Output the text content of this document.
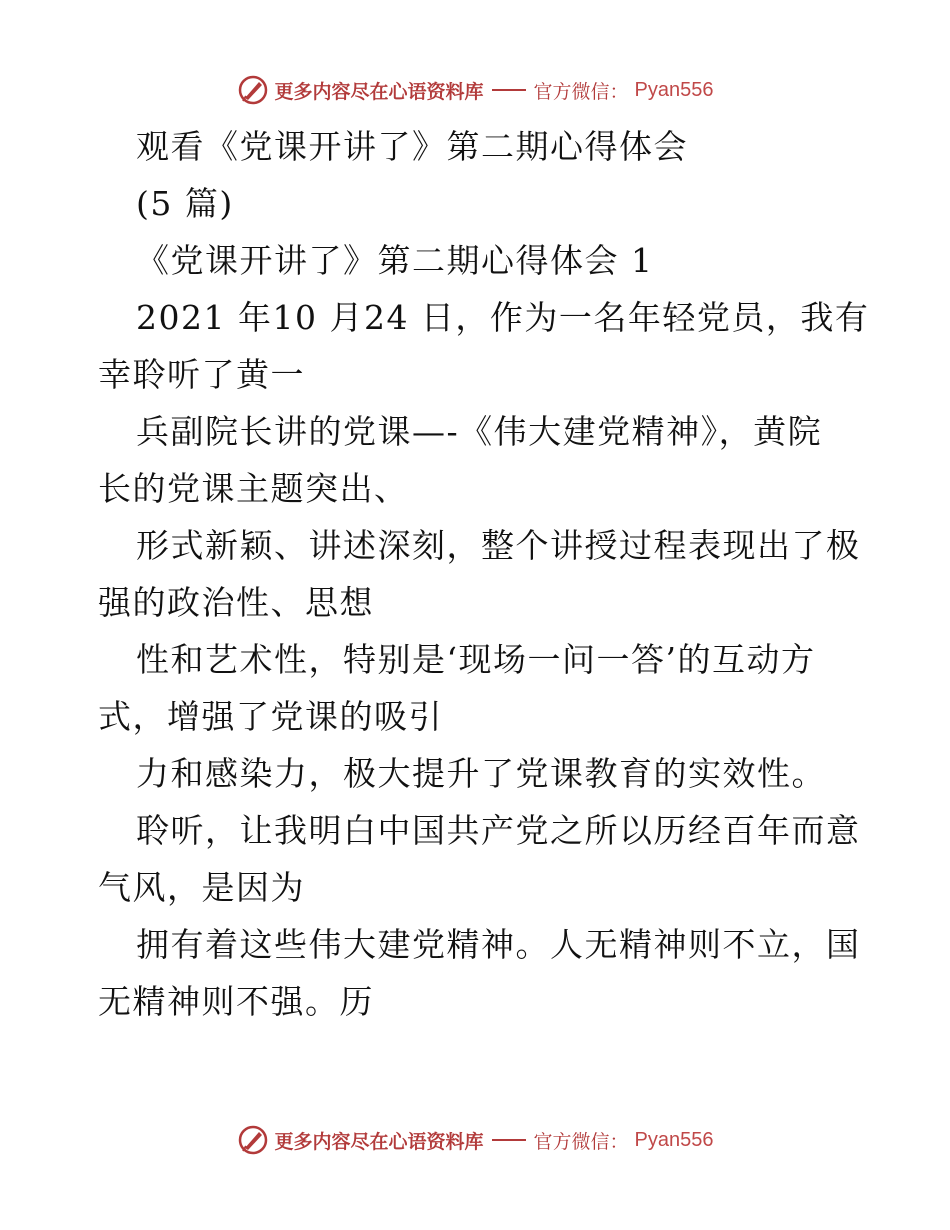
更多内容尽在心语资料库	官方微信： Pyan556
观看《党课开讲了》第二期心得体会
(5 篇)
《党课开讲了》第二期心得体会 1
2021 年10 月24 日，作为一名年轻党员，我有
幸聆听了黄一
兵副院长讲的党课—-《伟大建党精神》，黄院
长的党课主题突出、
形式新颖、讲述深刻，整个讲授过程表现出了极
强的政治性、思想
性和艺术性，特别是‘现场一问一答’的互动方
式，增强了党课的吸引
力和感染力，极大提升了党课教育的实效性。
聆听，让我明白中国共产党之所以历经百年而意
气风，是因为
拥有着这些伟大建党精神。人无精神则不立，国
无精神则不强。历
更多内容尽在心语资料库	官方微信： Pyan556
